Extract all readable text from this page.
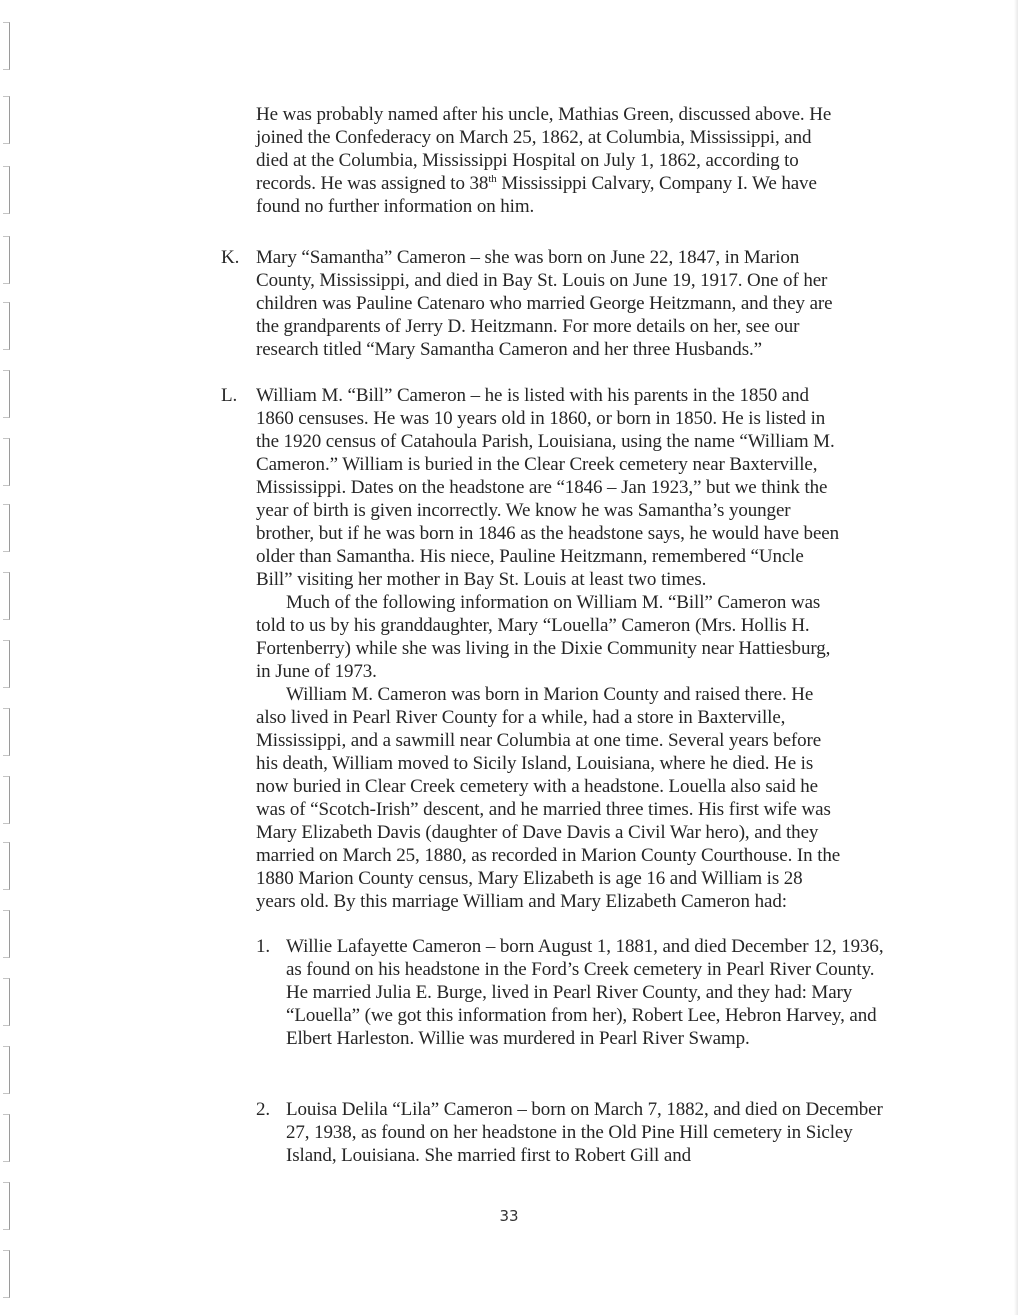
He was probably named after his uncle, Mathias Green, discussed above. He
joined the Confederacy on March 25, 1862, at Columbia, Mississippi, and
died at the Columbia, Mississippi Hospital on July 1, 1862, according to
records. He was assigned to 38th Mississippi Calvary, Company I. We have
found no further information on him.
K. Mary “Samantha” Cameron – she was born on June 22, 1847, in Marion
County, Mississippi, and died in Bay St. Louis on June 19, 1917. One of her
children was Pauline Catenaro who married George Heitzmann, and they are
the grandparents of Jerry D. Heitzmann. For more details on her, see our
research titled “Mary Samantha Cameron and her three Husbands.”
L. William M. “Bill” Cameron – he is listed with his parents in the 1850 and
1860 censuses. He was 10 years old in 1860, or born in 1850. He is listed in
the 1920 census of Catahoula Parish, Louisiana, using the name “William M.
Cameron.” William is buried in the Clear Creek cemetery near Baxterville,
Mississippi. Dates on the headstone are “1846 – Jan 1923,” but we think the
year of birth is given incorrectly. We know he was Samantha’s younger
brother, but if he was born in 1846 as the headstone says, he would have been
older than Samantha. His niece, Pauline Heitzmann, remembered “Uncle
Bill” visiting her mother in Bay St. Louis at least two times.
Much of the following information on William M. “Bill” Cameron was
told to us by his granddaughter, Mary “Louella” Cameron (Mrs. Hollis H.
Fortenberry) while she was living in the Dixie Community near Hattiesburg,
in June of 1973.
William M. Cameron was born in Marion County and raised there. He
also lived in Pearl River County for a while, had a store in Baxterville,
Mississippi, and a sawmill near Columbia at one time. Several years before
his death, William moved to Sicily Island, Louisiana, where he died. He is
now buried in Clear Creek cemetery with a headstone. Louella also said he
was of “Scotch-Irish” descent, and he married three times. His first wife was
Mary Elizabeth Davis (daughter of Dave Davis a Civil War hero), and they
married on March 25, 1880, as recorded in Marion County Courthouse. In the
1880 Marion County census, Mary Elizabeth is age 16 and William is 28
years old. By this marriage William and Mary Elizabeth Cameron had:
1. Willie Lafayette Cameron – born August 1, 1881, and died December 12, 1936, as found on his headstone in the Ford’s Creek cemetery in Pearl River County. He married Julia E. Burge, lived in Pearl River County, and they had: Mary “Louella” (we got this information from her), Robert Lee, Hebron Harvey, and Elbert Harleston. Willie was murdered in Pearl River Swamp.
2. Louisa Delila “Lila” Cameron – born on March 7, 1882, and died on December 27, 1938, as found on her headstone in the Old Pine Hill cemetery in Sicley Island, Louisiana. She married first to Robert Gill and
33
